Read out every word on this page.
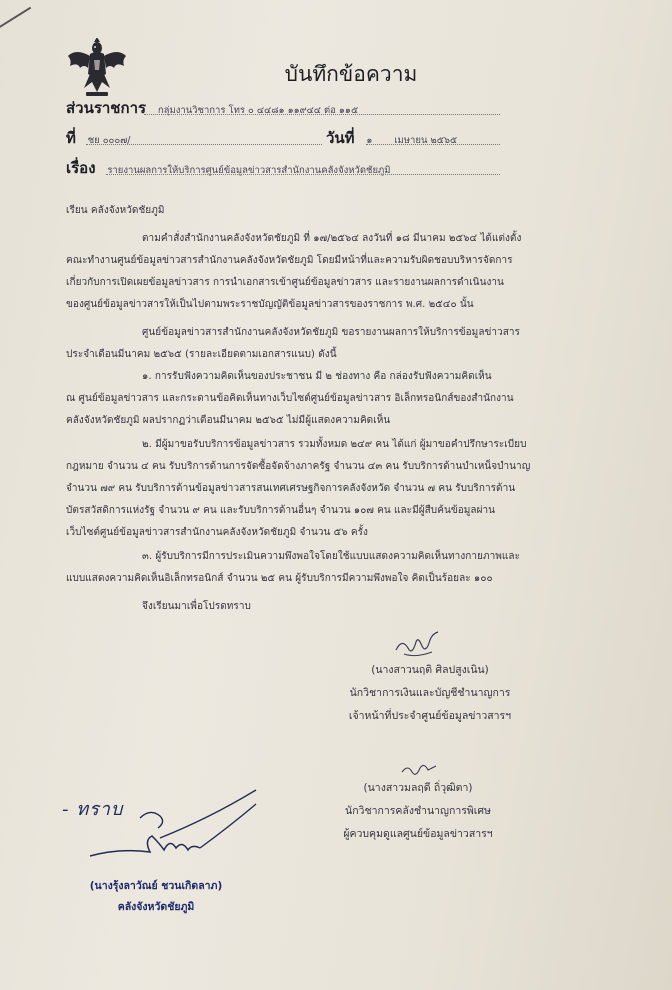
บันทึกข้อความ
ส่วนราชการ กลุ่มงานวิชาการ โทร ๐ ๔๔๘๑ ๑๑๙๔๔ ต่อ ๑๑๕
ที่ ชย ๐๐๐๗/	วันที่ ๑ เมษายน ๒๕๖๕
เรื่อง รายงานผลการให้บริการศูนย์ข้อมูลข่าวสารสำนักงานคลังจังหวัดชัยภูมิ
เรียน คลังจังหวัดชัยภูมิ
ตามคำสั่งสำนักงานคลังจังหวัดชัยภูมิ ที่ ๑๗/๒๕๖๔ ลงวันที่ ๑๘ มีนาคม ๒๕๖๔ ได้แต่งตั้ง
คณะทำงานศูนย์ข้อมูลข่าวสารสำนักงานคลังจังหวัดชัยภูมิ โดยมีหน้าที่และความรับผิดชอบบริหารจัดการ
เกี่ยวกับการเปิดเผยข้อมูลข่าวสาร การนำเอกสารเข้าศูนย์ข้อมูลข่าวสาร และรายงานผลการดำเนินงาน
ของศูนย์ข้อมูลข่าวสารให้เป็นไปตามพระราชบัญญัติข้อมูลข่าวสารของราชการ พ.ศ. ๒๕๔๐ นั้น
ศูนย์ข้อมูลข่าวสารสำนักงานคลังจังหวัดชัยภูมิ ขอรายงานผลการให้บริการข้อมูลข่าวสาร
ประจำเดือนมีนาคม ๒๕๖๕ (รายละเอียดตามเอกสารแนบ) ดังนี้
๑. การรับฟังความคิดเห็นของประชาชน มี ๒ ช่องทาง คือ กล่องรับฟังความคิดเห็น
ณ ศูนย์ข้อมูลข่าวสาร และกระดานข้อคิดเห็นทางเว็บไซต์ศูนย์ข้อมูลข่าวสาร อิเล็กทรอนิกส์ของสำนักงาน
คลังจังหวัดชัยภูมิ ผลปรากฏว่าเดือนมีนาคม ๒๕๖๕ ไม่มีผู้แสดงความคิดเห็น
๒. มีผู้มาขอรับบริการข้อมูลข่าวสาร รวมทั้งหมด ๒๔๙ คน ได้แก่ ผู้มาขอคำปรึกษาระเบียบ
กฎหมาย จำนวน ๔ คน รับบริการด้านการจัดซื้อจัดจ้างภาครัฐ จำนวน ๔๓ คน รับบริการด้านบำเหน็จบำนาญ
จำนวน ๗๙ คน รับบริการด้านข้อมูลข่าวสารสนเทศเศรษฐกิจการคลังจังหวัด จำนวน ๗ คน รับบริการด้าน
บัตรสวัสดิการแห่งรัฐ จำนวน ๙ คน และรับบริการด้านอื่นๆ จำนวน ๑๐๗ คน และมีผู้สืบค้นข้อมูลผ่าน
เว็บไซต์ศูนย์ข้อมูลข่าวสารสำนักงานคลังจังหวัดชัยภูมิ จำนวน ๕๖ ครั้ง
๓. ผู้รับบริการมีการประเมินความพึงพอใจโดยใช้แบบแสดงความคิดเห็นทางกายภาพและ
แบบแสดงความคิดเห็นอิเล็กทรอนิกส์ จำนวน ๒๕ คน ผู้รับบริการมีความพึงพอใจ คิดเป็นร้อยละ ๑๐๐
จึงเรียนมาเพื่อโปรดทราบ
(นางสาวนฤติ ศิลปสูงเนิน)
นักวิชาการเงินและบัญชีชำนาญการ
เจ้าหน้าที่ประจำศูนย์ข้อมูลข่าวสารฯ
(นางสาวมลฤดี ถิ่วุฒิตา)
นักวิชาการคลังชำนาญการพิเศษ
ผู้ควบคุมดูแลศูนย์ข้อมูลข่าวสารฯ
- ทราบ
(นางรุ้งลาวัณย์ ชวนเกิดลาภ)
คลังจังหวัดชัยภูมิ
